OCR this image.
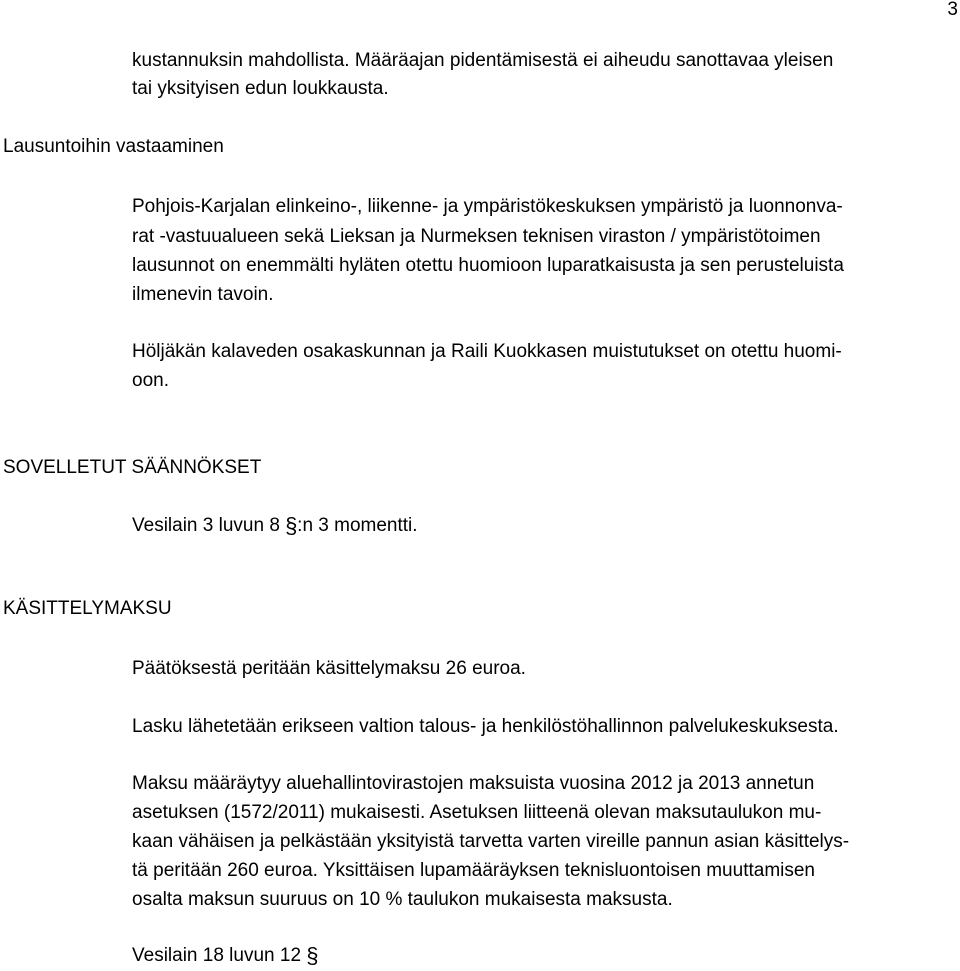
3
kustannuksin mahdollista. Määräajan pidentämisestä ei aiheudu sanottavaa yleisen
tai yksityisen edun loukkausta.
Lausuntoihin vastaaminen
Pohjois-Karjalan elinkeino-, liikenne- ja ympäristökeskuksen ympäristö ja luonnonva-
rat -vastuualueen sekä Lieksan ja Nurmeksen teknisen viraston / ympäristötoimen
lausunnot on enemmälti hyläten otettu huomioon luparatkaisusta ja sen perusteluista
ilmenevin tavoin.
Höljäkän kalaveden osakaskunnan ja Raili Kuokkasen muistutukset on otettu huomi-
oon.
SOVELLETUT SÄÄNNÖKSET
Vesilain 3 luvun 8 §:n 3 momentti.
KÄSITTELYMAKSU
Päätöksestä peritään käsittelymaksu 26 euroa.
Lasku lähetetään erikseen valtion talous- ja henkilöstöhallinnon palvelukeskuksesta.
Maksu määräytyy aluehallintovirastojen maksuista vuosina 2012 ja 2013 annetun
asetuksen (1572/2011) mukaisesti. Asetuksen liitteenä olevan maksutaulukon mu-
kaan vähäisen ja pelkästään yksityistä tarvetta varten vireille pannun asian käsittelys-
tä peritään 260 euroa. Yksittäisen lupamääräyksen teknisluontoisen muuttamisen
osalta maksun suuruus on 10 % taulukon mukaisesta maksusta.
Vesilain 18 luvun 12 §
